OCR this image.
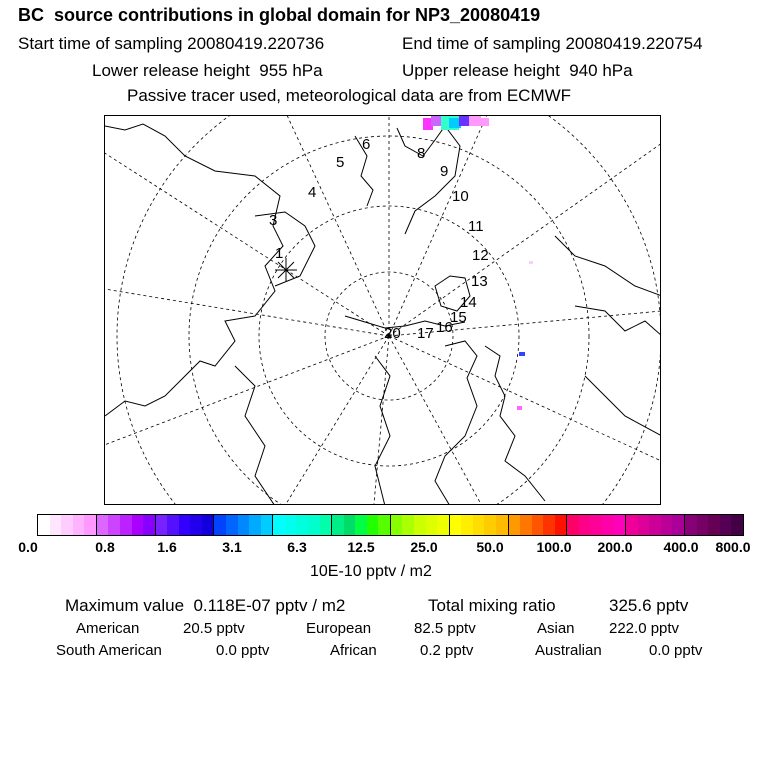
BC  source contributions in global domain for NP3_20080419
Start time of sampling 20080419.220736	End time of sampling 20080419.220754
Lower release height  955 hPa	Upper release height  940 hPa
Passive tracer used, meteorological data are from ECMWF
1
3
4
5
6
8
9
10
11
12
13
14
15
16
17
20
0.0	0.8	1.6	3.1	6.3	12.5	25.0	50.0 100.0 200.0 400.0 800.0
10E-10 pptv / m2
Maximum value  0.118E-07 pptv / m2	Total mixing ratio	325.6 pptv
American	20.5 pptv	European	82.5 pptv	Asian 222.0 pptv
South American	0.0 pptv	African	0.2 pptv	Australian	0.0 pptv
